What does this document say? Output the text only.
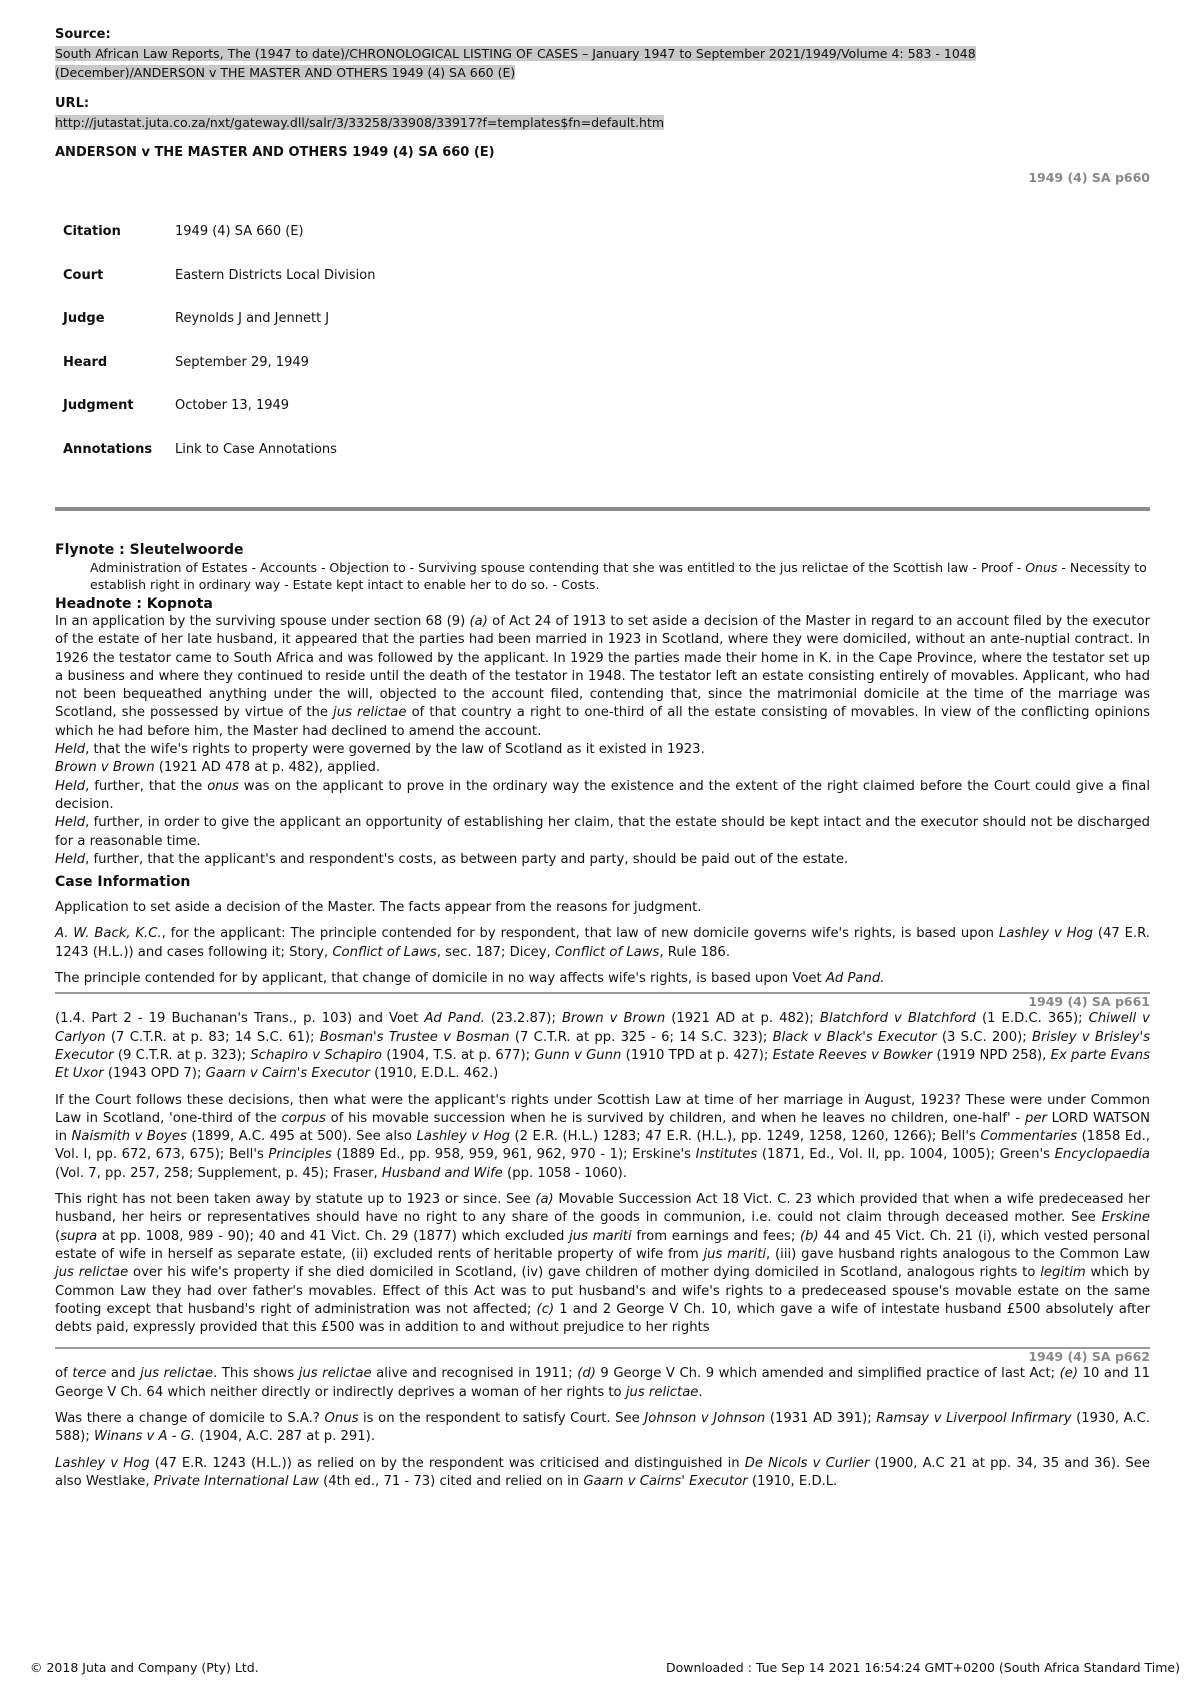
Source:

South African Law Reports, The (1947 to date)/CHRONOLOGICAL LISTING OF CASES – January 1947 to September 2021/1949/Volume 4: 583 - 1048
(December)/ANDERSON v THE MASTER AND OTHERS 1949 (4) SA 660 (E)

URL:

http://jutastat.juta.co.za/nxt/gateway.dll/salr/3/33258/33908/33917?f=templates$fn=default.htm

ANDERSON v THE MASTER AND OTHERS 1949 (4) SA 660 (E)

1949 (4) SA p660

Citation	1949 (4) SA 660 (E)
Court	Eastern Districts Local Division
Judge	Reynolds J and Jennett J
Heard	September 29, 1949
Judgment	October 13, 1949
Annotations	Link to Case Annotations
Flynote : Sleutelwoorde
Administration of Estates - Accounts - Objection to - Surviving spouse contending that she was entitled to the jus relictae of the Scottish law - Proof - Onus - Necessity to establish right in ordinary way - Estate kept intact to enable her to do so. - Costs.
Headnote : Kopnota

In an application by the surviving spouse under section 68 (9) (a) of Act 24 of 1913 to set aside a decision of the Master in regard to an account filed by the executor of the estate of her late husband, it appeared that the parties had been married in 1923 in Scotland, where they were domiciled, without an ante-nuptial contract. In 1926 the testator came to South Africa and was followed by the applicant. In 1929 the parties made their home in K. in the Cape Province, where the testator set up a business and where they continued to reside until the death of the testator in 1948. The testator left an estate consisting entirely of movables. Applicant, who had not been bequeathed anything under the will, objected to the account filed, contending that, since the matrimonial domicile at the time of the marriage was Scotland, she possessed by virtue of the jus relictae of that country a right to one-third of all the estate consisting of movables. In view of the conflicting opinions which he had before him, the Master had declined to amend the account.

Held, that the wife's rights to property were governed by the law of Scotland as it existed in 1923.

Brown v Brown (1921 AD 478 at p. 482), applied.

Held, further, that the onus was on the applicant to prove in the ordinary way the existence and the extent of the right claimed before the Court could give a final decision.

Held, further, in order to give the applicant an opportunity of establishing her claim, that the estate should be kept intact and the executor should not be discharged for a reasonable time.

Held, further, that the applicant's and respondent's costs, as between party and party, should be paid out of the estate.

Case Information

Application to set aside a decision of the Master. The facts appear from the reasons for judgment.

A. W. Back, K.C., for the applicant: The principle contended for by respondent, that law of new domicile governs wife's rights, is based upon Lashley v Hog (47 E.R. 1243 (H.L.)) and cases following it; Story, Conflict of Laws, sec. 187; Dicey, Conflict of Laws, Rule 186.

The principle contended for by applicant, that change of domicile in no way affects wife's rights, is based upon Voet Ad Pand.

1949 (4) SA p661

(1.4. Part 2 - 19 Buchanan's Trans., p. 103) and Voet Ad Pand. (23.2.87); Brown v Brown (1921 AD at p. 482); Blatchford v Blatchford (1 E.D.C. 365); Chiwell v Carlyon (7 C.T.R. at p. 83; 14 S.C. 61); Bosman's Trustee v Bosman (7 C.T.R. at pp. 325 - 6; 14 S.C. 323); Black v Black's Executor (3 S.C. 200); Brisley v Brisley's Executor (9 C.T.R. at p. 323); Schapiro v Schapiro (1904, T.S. at p. 677); Gunn v Gunn (1910 TPD at p. 427); Estate Reeves v Bowker (1919 NPD 258), Ex parte Evans Et Uxor (1943 OPD 7); Gaarn v Cairn's Executor (1910, E.D.L. 462.)

If the Court follows these decisions, then what were the applicant's rights under Scottish Law at time of her marriage in August, 1923? These were under Common Law in Scotland, 'one-third of the corpus of his movable succession when he is survived by children, and when he leaves no children, one-half' - per LORD WATSON in Naismith v Boyes (1899, A.C. 495 at 500). See also Lashley v Hog (2 E.R. (H.L.) 1283; 47 E.R. (H.L.), pp. 1249, 1258, 1260, 1266); Bell's Commentaries (1858 Ed., Vol. I, pp. 672, 673, 675); Bell's Principles (1889 Ed., pp. 958, 959, 961, 962, 970 - 1); Erskine's Institutes (1871, Ed., Vol. II, pp. 1004, 1005); Green's Encyclopaedia (Vol. 7, pp. 257, 258; Supplement, p. 45); Fraser, Husband and Wife (pp. 1058 - 1060).

This right has not been taken away by statute up to 1923 or since. See (a) Movable Succession Act 18 Vict. C. 23 which provided that when a wife predeceased her husband, her heirs or representatives should have no right to any share of the goods in communion, i.e. could not claim through deceased mother. See Erskine (supra at pp. 1008, 989 - 90); 40 and 41 Vict. Ch. 29 (1877) which excluded jus mariti from earnings and fees; (b) 44 and 45 Vict. Ch. 21 (i), which vested personal estate of wife in herself as separate estate, (ii) excluded rents of heritable property of wife from jus mariti, (iii) gave husband rights analogous to the Common Law jus relictae over his wife's property if she died domiciled in Scotland, (iv) gave children of mother dying domiciled in Scotland, analogous rights to legitim which by Common Law they had over father's movables. Effect of this Act was to put husband's and wife's rights to a predeceased spouse's movable estate on the same footing except that husband's right of administration was not affected; (c) 1 and 2 George V Ch. 10, which gave a wife of intestate husband £500 absolutely after debts paid, expressly provided that this £500 was in addition to and without prejudice to her rights

1949 (4) SA p662

of terce and jus relictae. This shows jus relictae alive and recognised in 1911; (d) 9 George V Ch. 9 which amended and simplified practice of last Act; (e) 10 and 11 George V Ch. 64 which neither directly or indirectly deprives a woman of her rights to jus relictae.

Was there a change of domicile to S.A.? Onus is on the respondent to satisfy Court. See Johnson v Johnson (1931 AD 391); Ramsay v Liverpool Infirmary (1930, A.C. 588); Winans v A - G. (1904, A.C. 287 at p. 291).

Lashley v Hog (47 E.R. 1243 (H.L.)) as relied on by the respondent was criticised and distinguished in De Nicols v Curlier (1900, A.C 21 at pp. 34, 35 and 36). See also Westlake, Private International Law (4th ed., 71 - 73) cited and relied on in Gaarn v Cairns' Executor (1910, E.D.L.

© 2018 Juta and Company (Pty) Ltd.	Downloaded : Tue Sep 14 2021 16:54:24 GMT+0200 (South Africa Standard Time)
